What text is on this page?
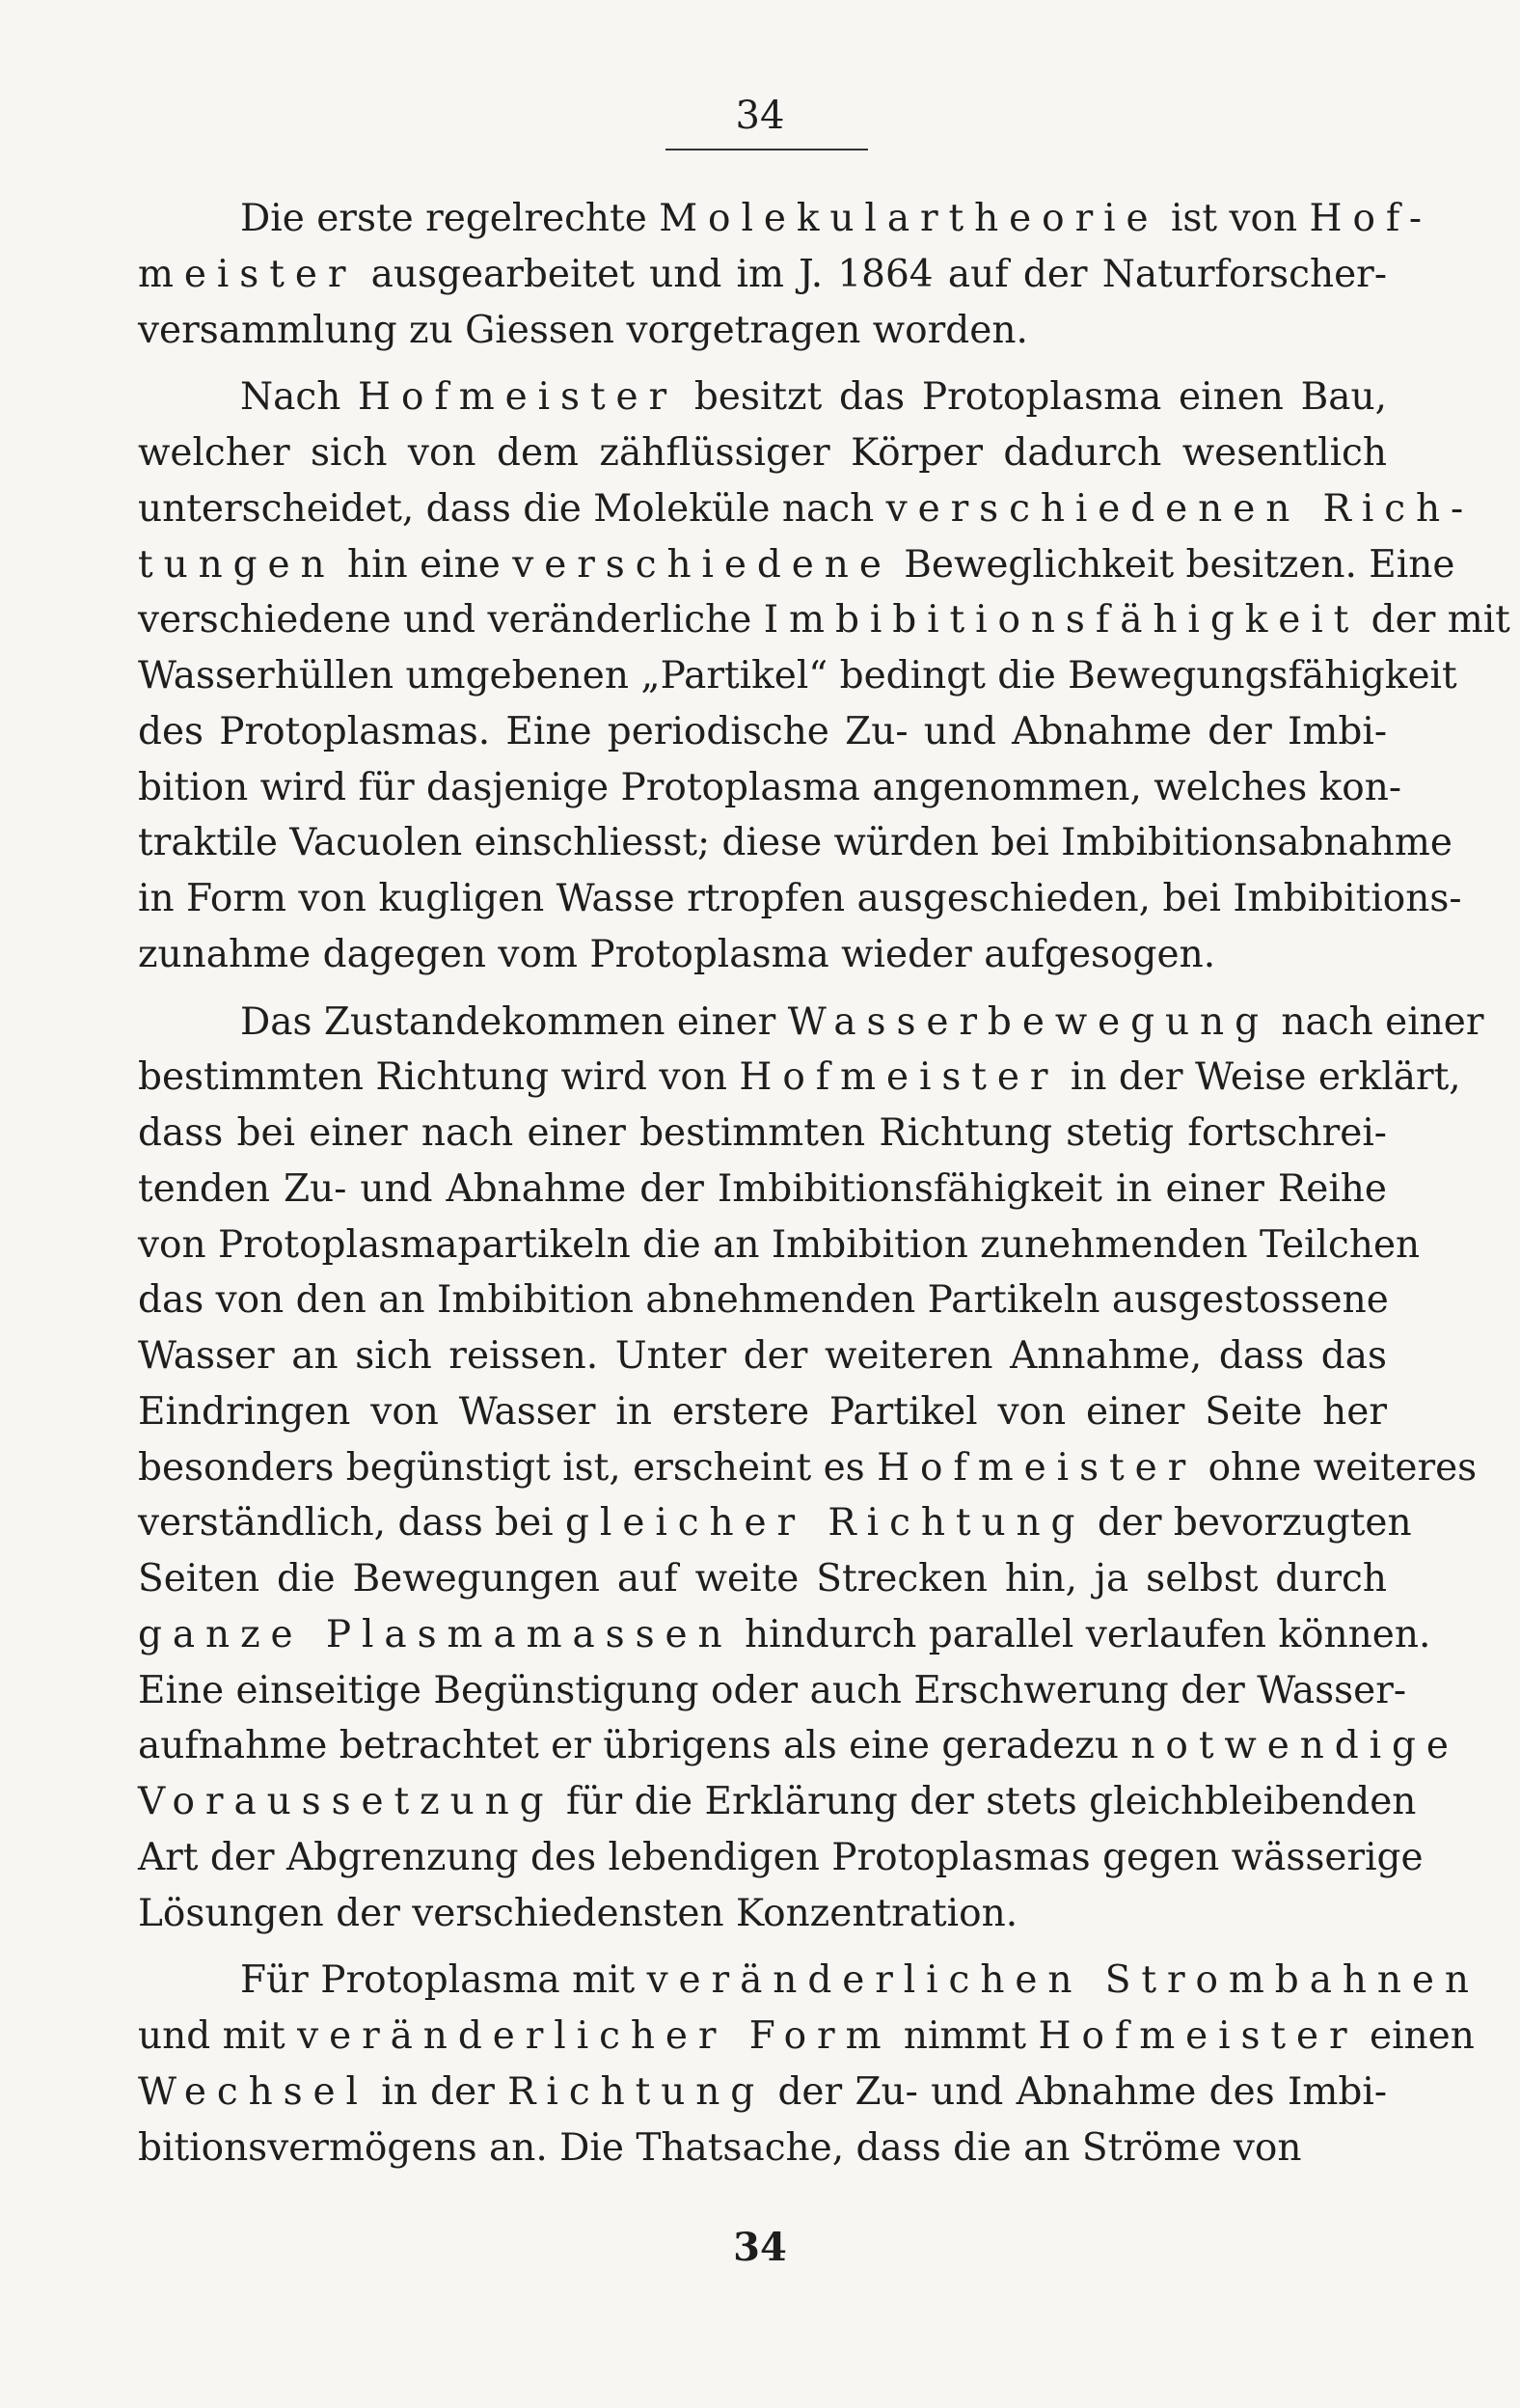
34
Die erste regelrechte Molekulartheorie ist von Hof-
meister ausgearbeitet und im J. 1864 auf der Naturforscher-
versammlung zu Giessen vorgetragen worden.
Nach Hofmeister besitzt das Protoplasma einen Bau,
welcher sich von dem zähflüssiger Körper dadurch wesentlich
unterscheidet, dass die Moleküle nach verschiedenen Rich-
tungen hin eine verschiedene Beweglichkeit besitzen. Eine
verschiedene und veränderliche Imbibitionsfähigkeit der mit
Wasserhüllen umgebenen „Partikel“ bedingt die Bewegungsfähigkeit
des Protoplasmas. Eine periodische Zu- und Abnahme der Imbi-
bition wird für dasjenige Protoplasma angenommen, welches kon-
traktile Vacuolen einschliesst; diese würden bei Imbibitionsabnahme
in Form von kugligen Wasse rtropfen ausgeschieden, bei Imbibitions-
zunahme dagegen vom Protoplasma wieder aufgesogen.
Das Zustandekommen einer Wasserbewegung nach einer
bestimmten Richtung wird von Hofmeister in der Weise erklärt,
dass bei einer nach einer bestimmten Richtung stetig fortschrei-
tenden Zu- und Abnahme der Imbibitionsfähigkeit in einer Reihe
von Protoplasmapartikeln die an Imbibition zunehmenden Teilchen
das von den an Imbibition abnehmenden Partikeln ausgestossene
Wasser an sich reissen. Unter der weiteren Annahme, dass das
Eindringen von Wasser in erstere Partikel von einer Seite her
besonders begünstigt ist, erscheint es Hofmeister ohne weiteres
verständlich, dass bei gleicher Richtung der bevorzugten
Seiten die Bewegungen auf weite Strecken hin, ja selbst durch
ganze Plasmamassen hindurch parallel verlaufen können.
Eine einseitige Begünstigung oder auch Erschwerung der Wasser-
aufnahme betrachtet er übrigens als eine geradezu notwendige
Voraussetzung für die Erklärung der stets gleichbleibenden
Art der Abgrenzung des lebendigen Protoplasmas gegen wässerige
Lösungen der verschiedensten Konzentration.
Für Protoplasma mit veränderlichen Strombahnen
und mit veränderlicher Form nimmt Hofmeister einen
Wechsel in der Richtung der Zu- und Abnahme des Imbi-
bitionsvermögens an. Die Thatsache, dass die an Ströme von
34
